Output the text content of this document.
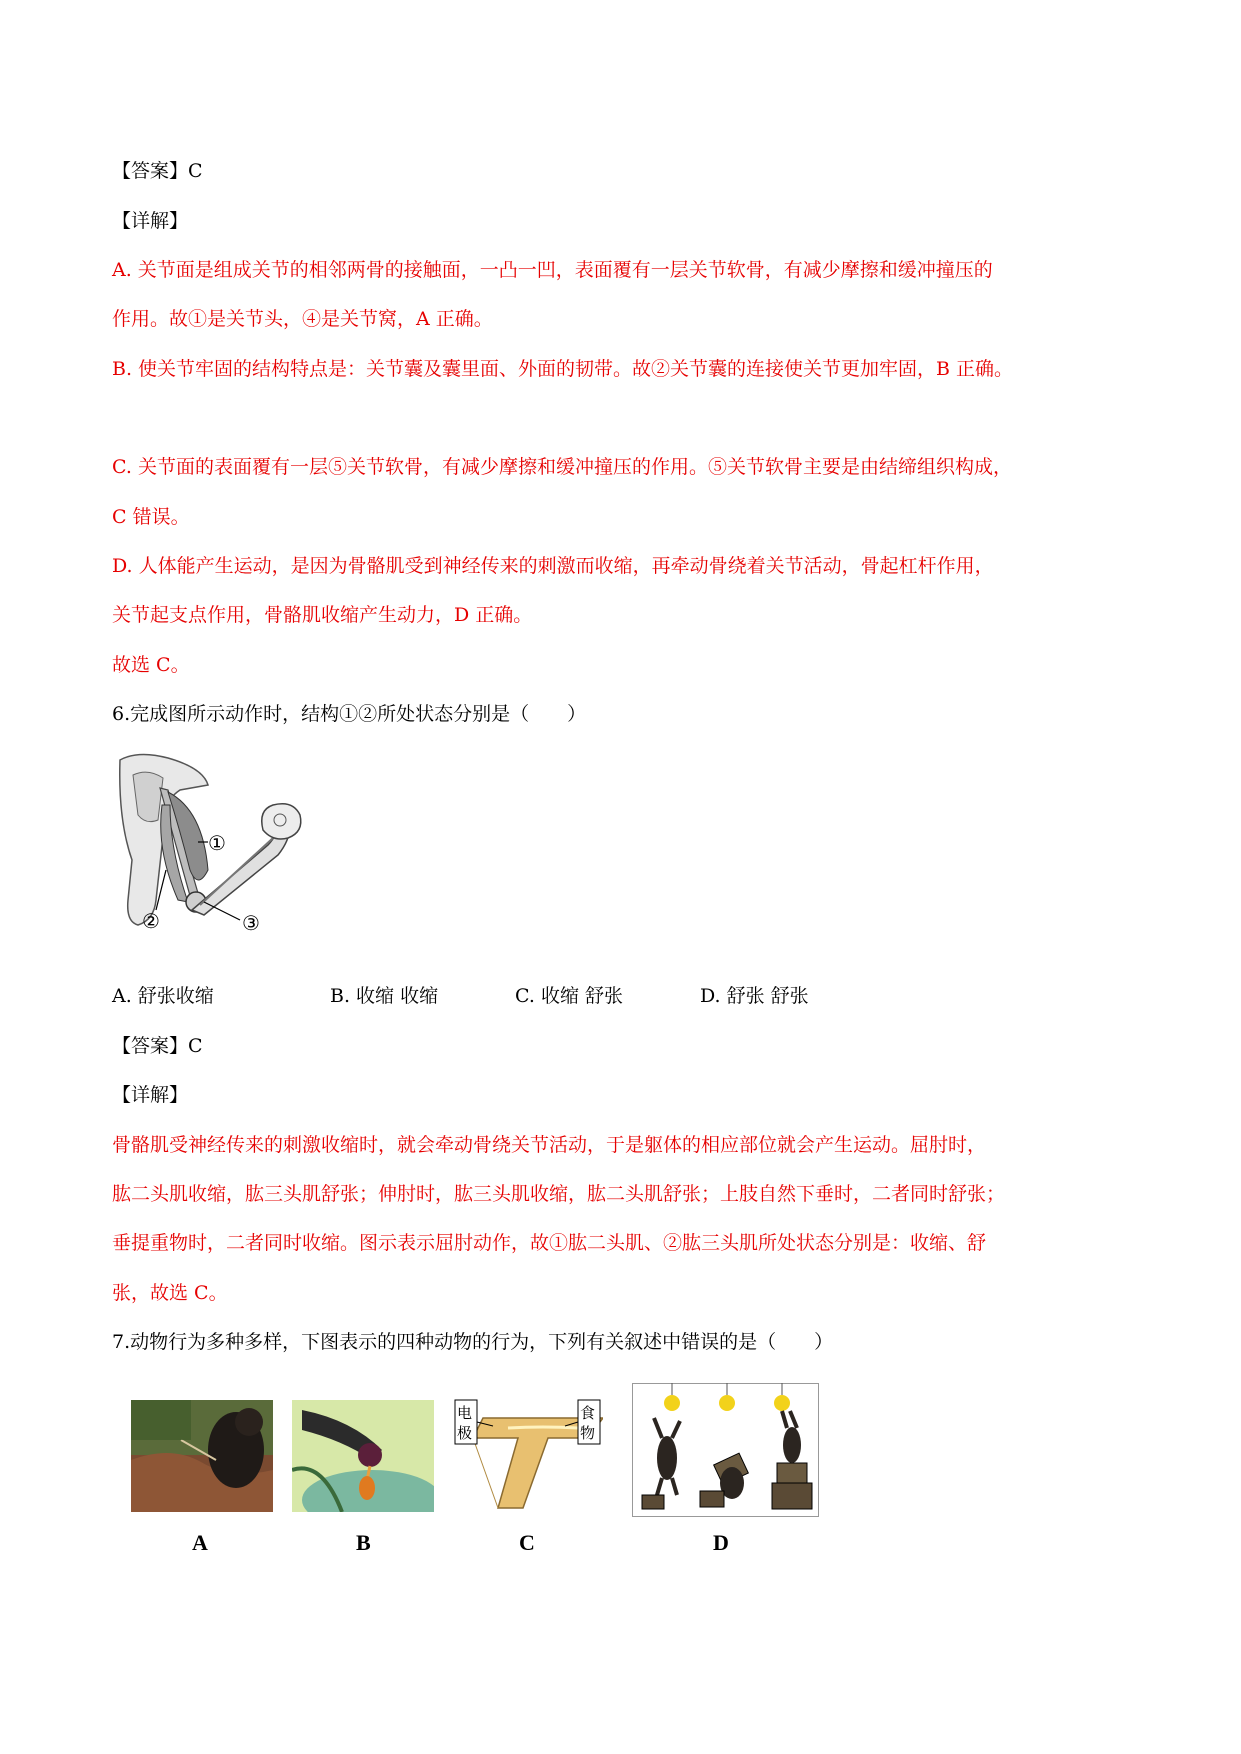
【答案】C
【详解】
A. 关节面是组成关节的相邻两骨的接触面，一凸一凹，表面覆有一层关节软骨，有减少摩擦和缓冲撞压的
作用。故①是关节头，④是关节窝，A 正确。
B. 使关节牢固的结构特点是：关节囊及囊里面、外面的韧带。故②关节囊的连接使关节更加牢固，B 正确。
C. 关节面的表面覆有一层⑤关节软骨，有减少摩擦和缓冲撞压的作用。⑤关节软骨主要是由结缔组织构成，
C 错误。
D. 人体能产生运动，是因为骨骼肌受到神经传来的刺激而收缩，再牵动骨绕着关节活动，骨起杠杆作用，
关节起支点作用，骨骼肌收缩产生动力，D 正确。
故选 C。
6.完成图所示动作时，结构①②所处状态分别是（　　）
①
②	③
A. 舒张收缩	B. 收缩 收缩	C. 收缩 舒张	D. 舒张 舒张
【答案】C
【详解】
骨骼肌受神经传来的刺激收缩时，就会牵动骨绕关节活动，于是躯体的相应部位就会产生运动。屈肘时，
肱二头肌收缩，肱三头肌舒张；伸肘时，肱三头肌收缩，肱二头肌舒张；上肢自然下垂时，二者同时舒张；
垂提重物时，二者同时收缩。图示表示屈肘动作，故①肱二头肌、②肱三头肌所处状态分别是：收缩、舒
张，故选 C。
7.动物行为多种多样，下图表示的四种动物的行为，下列有关叙述中错误的是（　　）
A	B
电
极
食
物
C	D
